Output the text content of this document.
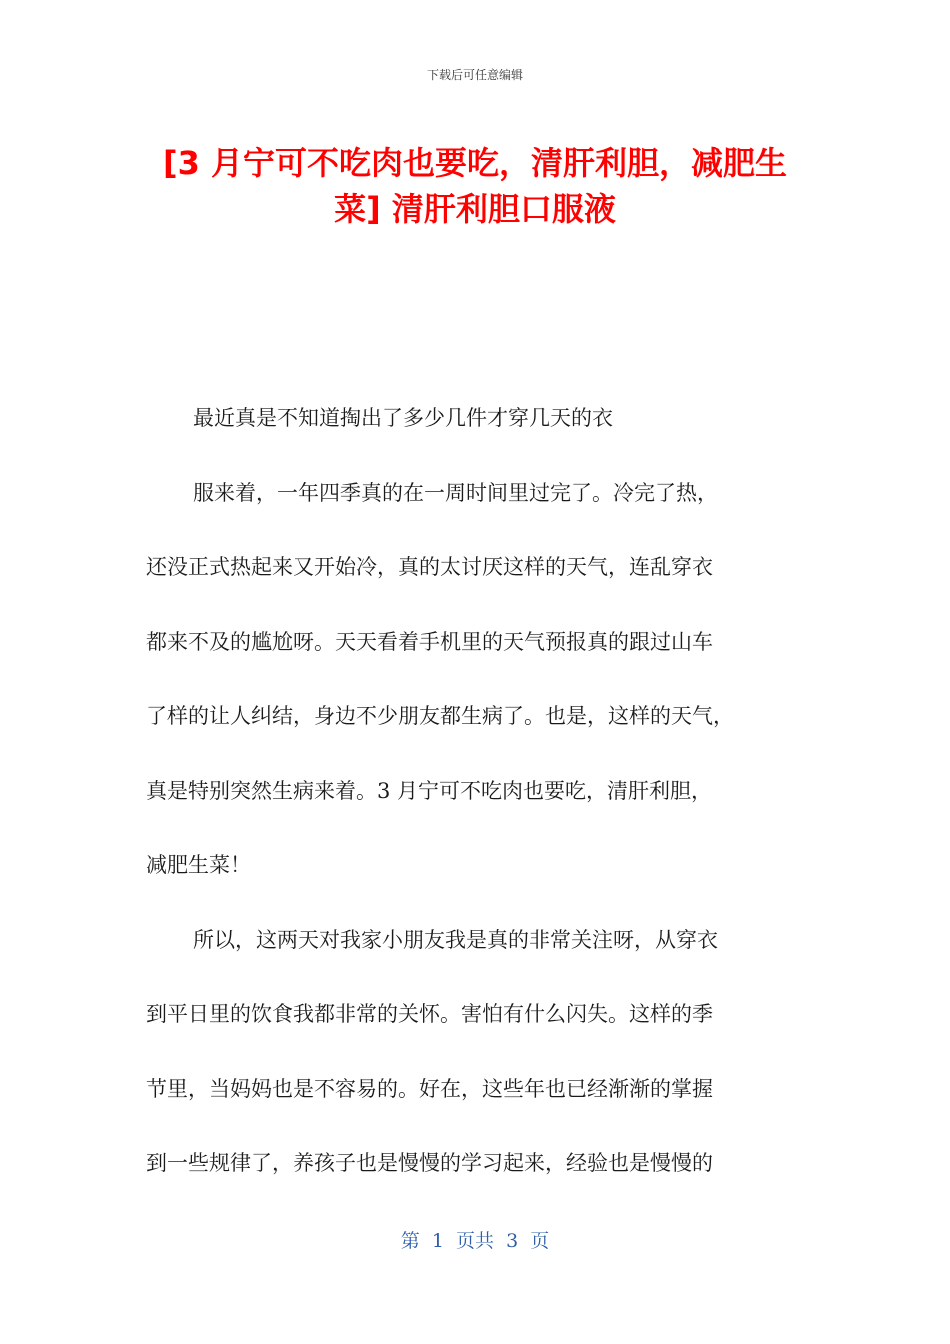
下载后可任意编辑
[3 月宁可不吃肉也要吃，清肝利胆，减肥生菜] 清肝利胆口服液
最近真是不知道掏出了多少几件才穿几天的衣
服来着，一年四季真的在一周时间里过完了。冷完了热，
还没正式热起来又开始冷，真的太讨厌这样的天气，连乱穿衣
都来不及的尴尬呀。天天看着手机里的天气预报真的跟过山车
了样的让人纠结，身边不少朋友都生病了。也是，这样的天气，
真是特别突然生病来着。3 月宁可不吃肉也要吃，清肝利胆，
减肥生菜！
所以，这两天对我家小朋友我是真的非常关注呀，从穿衣
到平日里的饮食我都非常的关怀。害怕有什么闪失。这样的季
节里，当妈妈也是不容易的。好在，这些年也已经渐渐的掌握
到一些规律了，养孩子也是慢慢的学习起来，经验也是慢慢的
第  1  页共  3  页
